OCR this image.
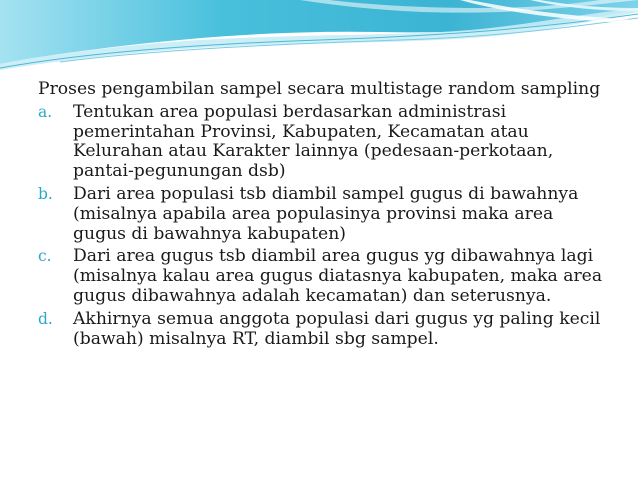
Proses pengambilan sampel secara multistage random sampling

a. Tentukan area populasi berdasarkan administrasi pemerintahan Provinsi, Kabupaten, Kecamatan atau Kelurahan atau Karakter lainnya (pedesaan-perkotaan, pantai-pegunungan dsb)
b. Dari area populasi tsb diambil sampel gugus di bawahnya (misalnya apabila area populasinya provinsi maka area gugus di bawahnya kabupaten)
c. Dari area gugus tsb diambil area gugus yg dibawahnya lagi (misalnya kalau area gugus diatasnya kabupaten, maka area gugus dibawahnya adalah kecamatan) dan seterusnya.
d. Akhirnya semua anggota populasi dari gugus yg paling kecil (bawah) misalnya RT, diambil sbg sampel.
